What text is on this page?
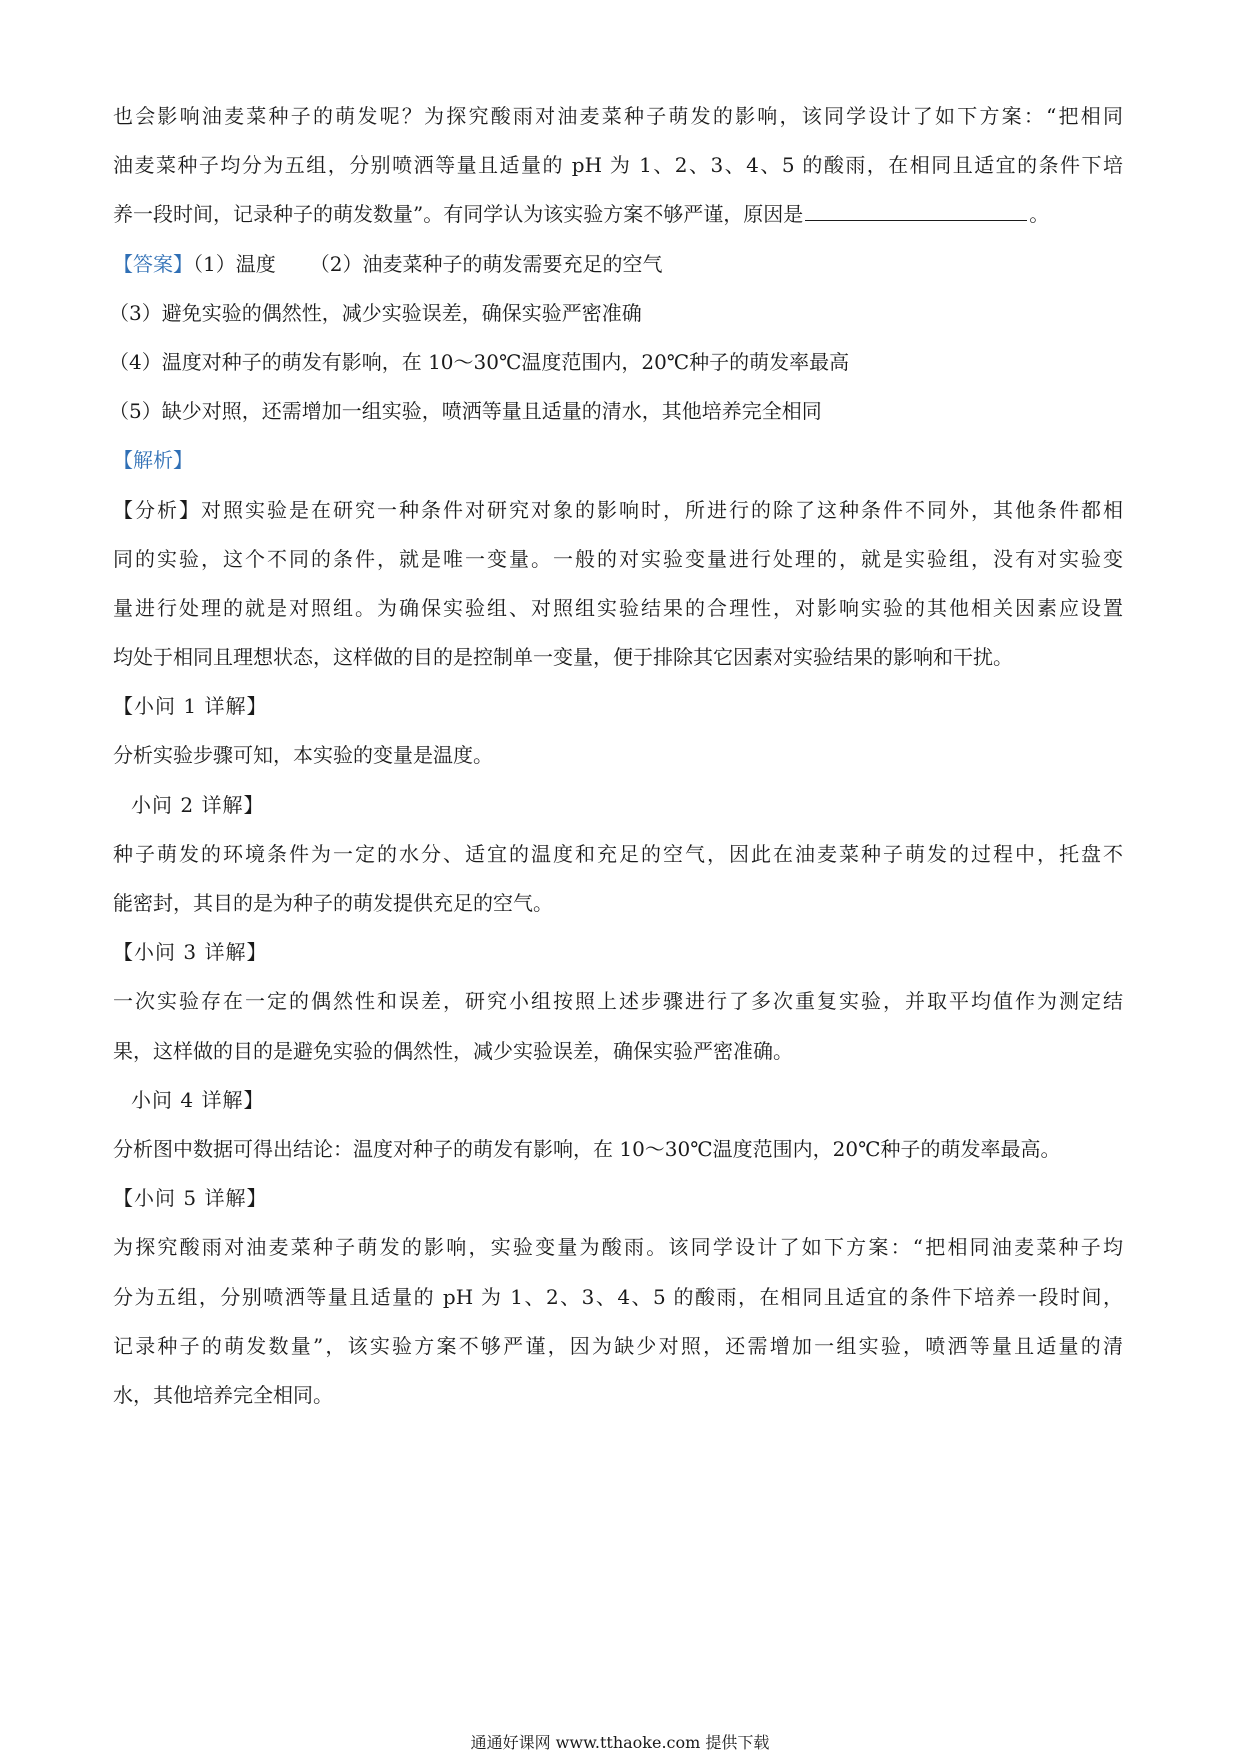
也会影响油麦菜种子的萌发呢？为探究酸雨对油麦菜种子萌发的影响，该同学设计了如下方案：“把相同
油麦菜种子均分为五组，分别喷洒等量且适量的 pH 为 1、2、3、4、5 的酸雨，在相同且适宜的条件下培
养一段时间，记录种子的萌发数量”。有同学认为该实验方案不够严谨，原因是	。
【答案】（1）温度 （2）油麦菜种子的萌发需要充足的空气
（3）避免实验的偶然性，减少实验误差，确保实验严密准确
（4）温度对种子的萌发有影响，在 10～30℃温度范围内，20℃种子的萌发率最高
（5）缺少对照，还需增加一组实验，喷洒等量且适量的清水，其他培养完全相同
【解析】
【分析】对照实验是在研究一种条件对研究对象的影响时，所进行的除了这种条件不同外，其他条件都相
同的实验，这个不同的条件，就是唯一变量。一般的对实验变量进行处理的，就是实验组，没有对实验变
量进行处理的就是对照组。为确保实验组、对照组实验结果的合理性，对影响实验的其他相关因素应设置
均处于相同且理想状态，这样做的目的是控制单一变量，便于排除其它因素对实验结果的影响和干扰。
【小问 1 详解】
分析实验步骤可知，本实验的变量是温度。
小问 2 详解】
种子萌发的环境条件为一定的水分、适宜的温度和充足的空气，因此在油麦菜种子萌发的过程中，托盘不
能密封，其目的是为种子的萌发提供充足的空气。
【小问 3 详解】
一次实验存在一定的偶然性和误差，研究小组按照上述步骤进行了多次重复实验，并取平均值作为测定结
果，这样做的目的是避免实验的偶然性，减少实验误差，确保实验严密准确。
小问 4 详解】
分析图中数据可得出结论：温度对种子的萌发有影响，在 10～30℃温度范围内，20℃种子的萌发率最高。
【小问 5 详解】
为探究酸雨对油麦菜种子萌发的影响，实验变量为酸雨。该同学设计了如下方案：“把相同油麦菜种子均
分为五组，分别喷洒等量且适量的 pH 为 1、2、3、4、5 的酸雨，在相同且适宜的条件下培养一段时间，
记录种子的萌发数量”，该实验方案不够严谨，因为缺少对照，还需增加一组实验，喷洒等量且适量的清
水，其他培养完全相同。
通通好课网 www.tthaoke.com 提供下载
